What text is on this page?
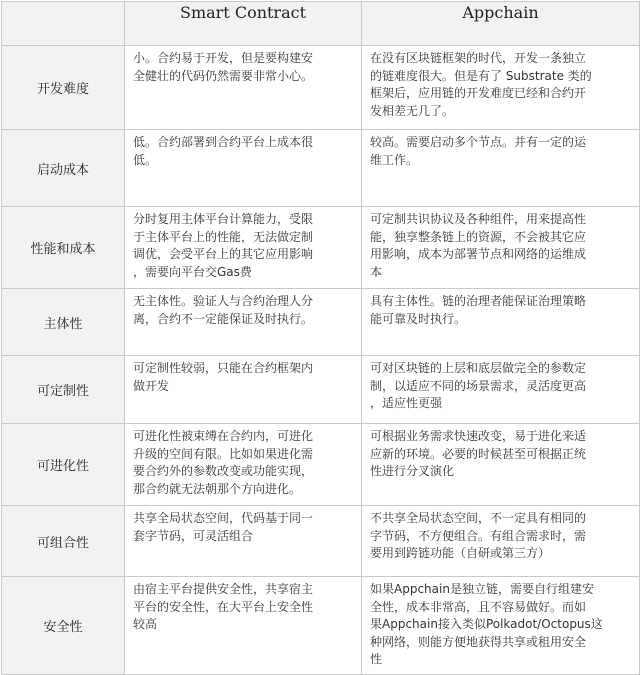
	Smart Contract	Appchain
开发难度	小。合约易于开发，但是要构建安
全健壮的代码仍然需要非常小心。	在没有区块链框架的时代，开发一条独立
的链难度很大。但是有了 Substrate 类的
框架后，应用链的开发难度已经和合约开
发相差无几了。
启动成本	低。合约部署到合约平台上成本很
低。	较高。需要启动多个节点。并有一定的运
维工作。
性能和成本	分时复用主体平台计算能力，受限
于主体平台上的性能，无法做定制
调优，会受平台上的其它应用影响
，需要向平台交Gas费	可定制共识协议及各种组件，用来提高性
能，独享整条链上的资源，不会被其它应
用影响，成本为部署节点和网络的运维成
本
主体性	无主体性。验证人与合约治理人分
离，合约不一定能保证及时执行。	具有主体性。链的治理者能保证治理策略
能可靠及时执行。
可定制性	可定制性较弱，只能在合约框架内
做开发	可对区块链的上层和底层做完全的参数定
制，以适应不同的场景需求，灵活度更高
，适应性更强
可进化性	可进化性被束缚在合约内，可进化
升级的空间有限。比如如果进化需
要合约外的参数改变或功能实现，
那合约就无法朝那个方向进化。	可根据业务需求快速改变，易于进化来适
应新的环境。必要的时候甚至可根据正统
性进行分叉演化
可组合性	共享全局状态空间，代码基于同一
套字节码，可灵活组合	不共享全局状态空间，不一定具有相同的
字节码，不方便组合。有组合需求时，需
要用到跨链功能（自研或第三方）
安全性	由宿主平台提供安全性，共享宿主
平台的安全性，在大平台上安全性
较高	如果Appchain是独立链，需要自行组建安
全性，成本非常高，且不容易做好。而如
果Appchain接入类似Polkadot/Octopus这
种网络，则能方便地获得共享或租用安全
性
